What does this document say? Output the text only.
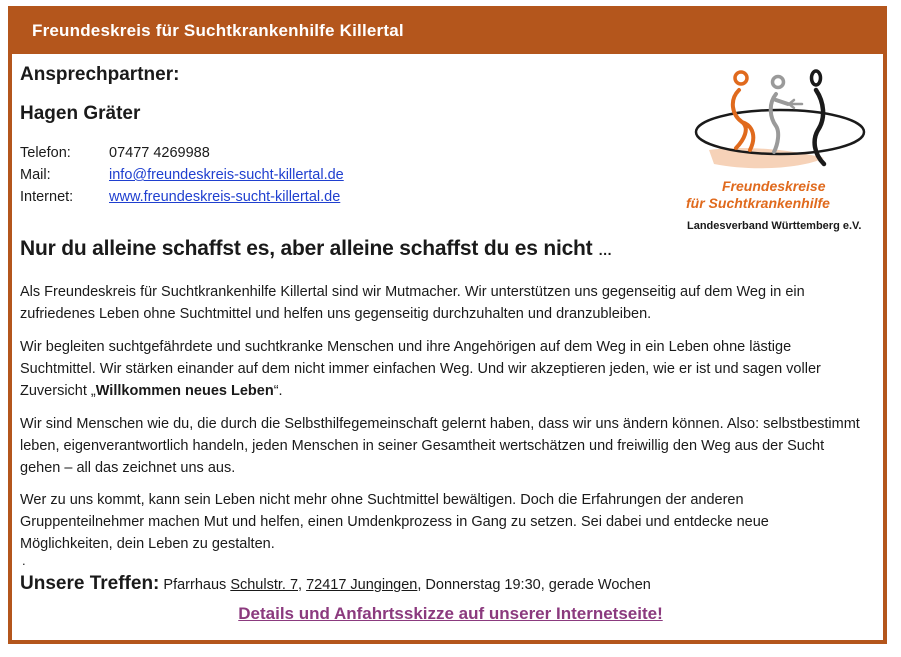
Freundeskreis für Suchtkrankenhilfe Killertal
Ansprechpartner:
Hagen Gräter
Telefon:	07477 4269988
Mail:	info@freundeskreis-sucht-killertal.de
Internet:	www.freundeskreis-sucht-killertal.de
Freundeskreise
für Suchtkrankenhilfe
Landesverband Württemberg e.V.
Nur du alleine schaffst es, aber alleine schaffst du es nicht …
Als Freundeskreis für Suchtkrankenhilfe Killertal sind wir Mutmacher. Wir unterstützen uns gegenseitig auf dem Weg in ein zufriedenes Leben ohne Suchtmittel und helfen uns gegenseitig durchzuhalten und dranzubleiben.
Wir begleiten suchtgefährdete und suchtkranke Menschen und ihre Angehörigen auf dem Weg in ein Leben ohne lästige Suchtmittel. Wir stärken einander auf dem nicht immer einfachen Weg. Und wir akzeptieren jeden, wie er ist und sagen voller Zuversicht „Willkommen neues Leben“.
Wir sind Menschen wie du, die durch die Selbsthilfegemeinschaft gelernt haben, dass wir uns ändern können. Also: selbstbestimmt leben, eigenverantwortlich handeln, jeden Menschen in seiner Gesamtheit wertschätzen und freiwillig den Weg aus der Sucht gehen – all das zeichnet uns aus.
Wer zu uns kommt, kann sein Leben nicht mehr ohne Suchtmittel bewältigen. Doch die Erfahrungen der anderen Gruppenteilnehmer machen Mut und helfen, einen Umdenkprozess in Gang zu setzen. Sei dabei und entdecke neue Möglichkeiten, dein Leben zu gestalten.
.
Unsere Treffen: Pfarrhaus Schulstr. 7, 72417 Jungingen, Donnerstag 19:30, gerade Wochen
Details und Anfahrtsskizze auf unserer Internetseite!
